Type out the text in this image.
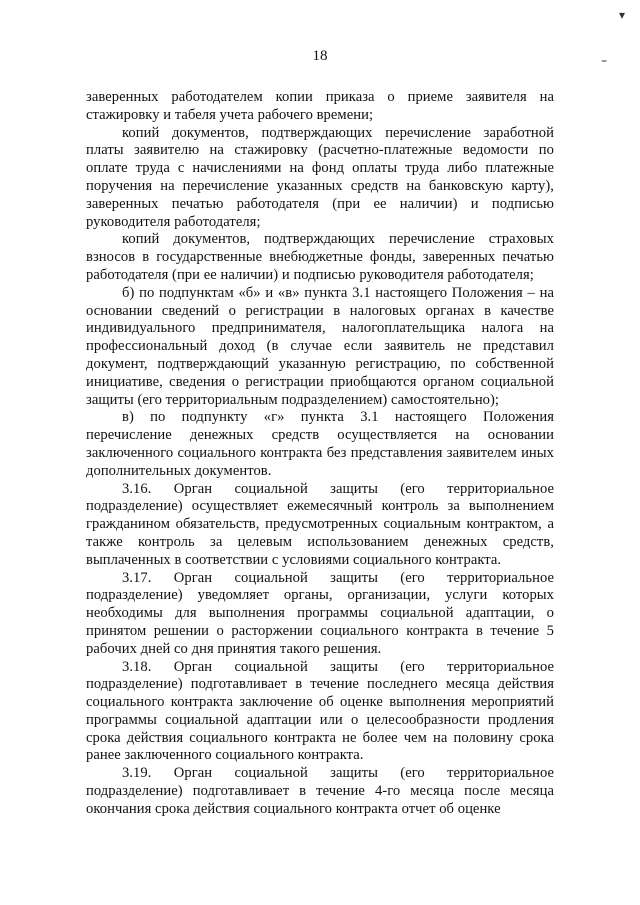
▾
₌
18

заверенных работодателем копии приказа о приеме заявителя на стажировку и табеля учета рабочего времени;

копий документов, подтверждающих перечисление заработной платы заявителю на стажировку (расчетно-платежные ведомости по оплате труда с начислениями на фонд оплаты труда либо платежные поручения на перечисление указанных средств на банковскую карту), заверенных печатью работодателя (при ее наличии) и подписью руководителя работодателя;

копий документов, подтверждающих перечисление страховых взносов в государственные внебюджетные фонды, заверенных печатью работодателя (при ее наличии) и подписью руководителя работодателя;

б) по подпунктам «б» и «в» пункта 3.1 настоящего Положения – на основании сведений о регистрации в налоговых органах в качестве индивидуального предпринимателя, налогоплательщика налога на профессиональный доход (в случае если заявитель не представил документ, подтверждающий указанную регистрацию, по собственной инициативе, сведения о регистрации приобщаются органом социальной защиты (его территориальным подразделением) самостоятельно);

в) по подпункту «г» пункта 3.1 настоящего Положения перечисление денежных средств осуществляется на основании заключенного социального контракта без представления заявителем иных дополнительных документов.

3.16. Орган социальной защиты (его территориальное подразделение) осуществляет ежемесячный контроль за выполнением гражданином обязательств, предусмотренных социальным контрактом, а также контроль за целевым использованием денежных средств, выплаченных в соответствии с условиями социального контракта.

3.17. Орган социальной защиты (его территориальное подразделение) уведомляет органы, организации, услуги которых необходимы для выполнения программы социальной адаптации, о принятом решении о расторжении социального контракта в течение 5 рабочих дней со дня принятия такого решения.

3.18. Орган социальной защиты (его территориальное подразделение) подготавливает в течение последнего месяца действия социального контракта заключение об оценке выполнения мероприятий программы социальной адаптации или о целесообразности продления срока действия социального контракта не более чем на половину срока ранее заключенного социального контракта.

3.19. Орган социальной защиты (его территориальное подразделение) подготавливает в течение 4-го месяца после месяца окончания срока действия социального контракта отчет об оценке
